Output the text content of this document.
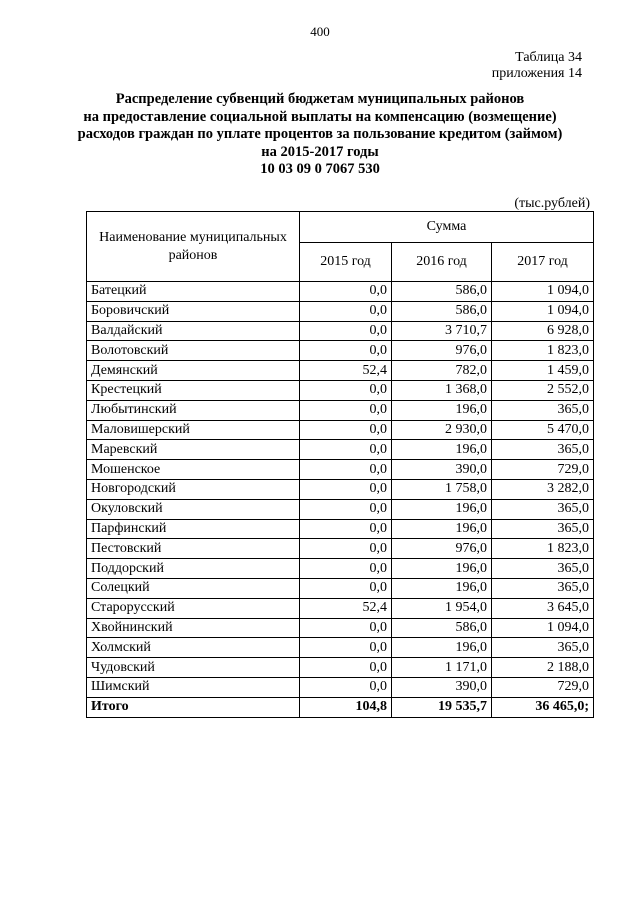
400
Таблица 34
приложения 14
Распределение субвенций бюджетам муниципальных районов
на предоставление социальной выплаты на компенсацию (возмещение)
расходов граждан по уплате процентов за пользование кредитом (займом)
на 2015-2017 годы
10 03 09 0 7067 530
(тыс.рублей)
Наименование муниципальных районов	Сумма		
	2015 год	2016 год	2017 год
Батецкий	0,0	586,0	1 094,0
Боровичский	0,0	586,0	1 094,0
Валдайский	0,0	3 710,7	6 928,0
Волотовский	0,0	976,0	1 823,0
Демянский	52,4	782,0	1 459,0
Крестецкий	0,0	1 368,0	2 552,0
Любытинский	0,0	196,0	365,0
Маловишерский	0,0	2 930,0	5 470,0
Маревский	0,0	196,0	365,0
Мошенское	0,0	390,0	729,0
Новгородский	0,0	1 758,0	3 282,0
Окуловский	0,0	196,0	365,0
Парфинский	0,0	196,0	365,0
Пестовский	0,0	976,0	1 823,0
Поддорский	0,0	196,0	365,0
Солецкий	0,0	196,0	365,0
Старорусский	52,4	1 954,0	3 645,0
Хвойнинский	0,0	586,0	1 094,0
Холмский	0,0	196,0	365,0
Чудовский	0,0	1 171,0	2 188,0
Шимский	0,0	390,0	729,0
Итого	104,8	19 535,7	36 465,0;
